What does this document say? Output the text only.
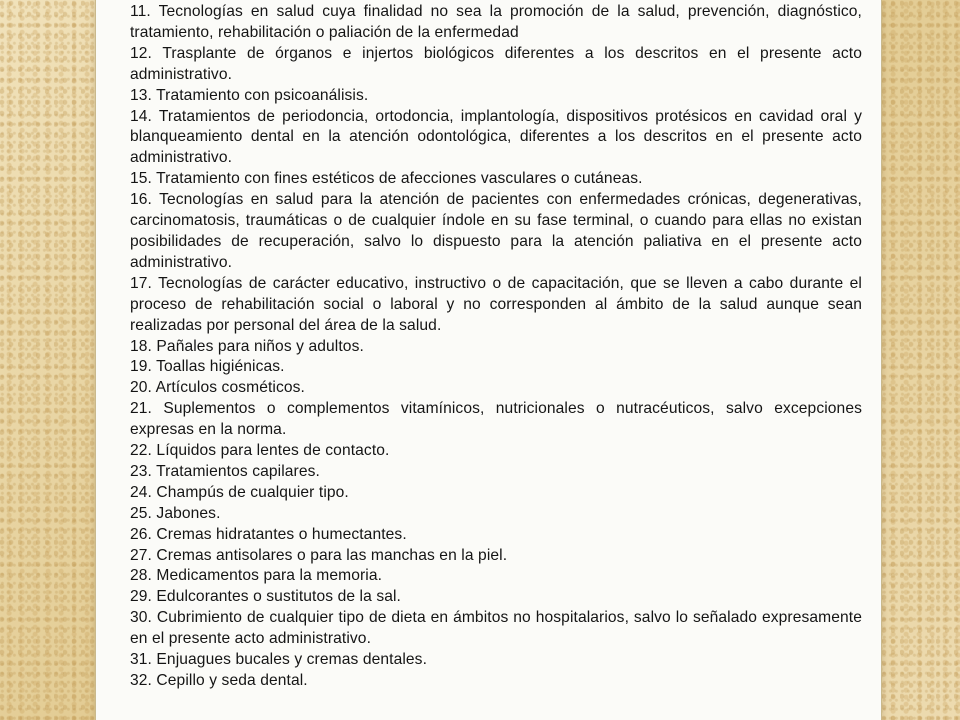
11. Tecnologías en salud cuya finalidad no sea la promoción de la salud, prevención, diagnóstico, tratamiento, rehabilitación o paliación de la enfermedad

12. Trasplante de órganos e injertos biológicos diferentes a los descritos en el presente acto administrativo.

13. Tratamiento con psicoanálisis.

14. Tratamientos de periodoncia, ortodoncia, implantología, dispositivos protésicos en cavidad oral y blanqueamiento dental en la atención odontológica, diferentes a los descritos en el presente acto administrativo.

15. Tratamiento con fines estéticos de afecciones vasculares o cutáneas.

16. Tecnologías en salud para la atención de pacientes con enfermedades crónicas, degenerativas, carcinomatosis, traumáticas o de cualquier índole en su fase terminal, o cuando para ellas no existan posibilidades de recuperación, salvo lo dispuesto para la atención paliativa en el presente acto administrativo.

17. Tecnologías de carácter educativo, instructivo o de capacitación, que se lleven a cabo durante el proceso de rehabilitación social o laboral y no corresponden al ámbito de la salud aunque sean realizadas por personal del área de la salud.

18. Pañales para niños y adultos.

19. Toallas higiénicas.

20. Artículos cosméticos.

21. Suplementos o complementos vitamínicos, nutricionales o nutracéuticos, salvo excepciones expresas en la norma.

22. Líquidos para lentes de contacto.

23. Tratamientos capilares.

24. Champús de cualquier tipo.

25. Jabones.

26. Cremas hidratantes o humectantes.

27. Cremas antisolares o para las manchas en la piel.

28. Medicamentos para la memoria.

29. Edulcorantes o sustitutos de la sal.

30. Cubrimiento de cualquier tipo de dieta en ámbitos no hospitalarios, salvo lo señalado expresamente en el presente acto administrativo.

31. Enjuagues bucales y cremas dentales.

32. Cepillo y seda dental.
